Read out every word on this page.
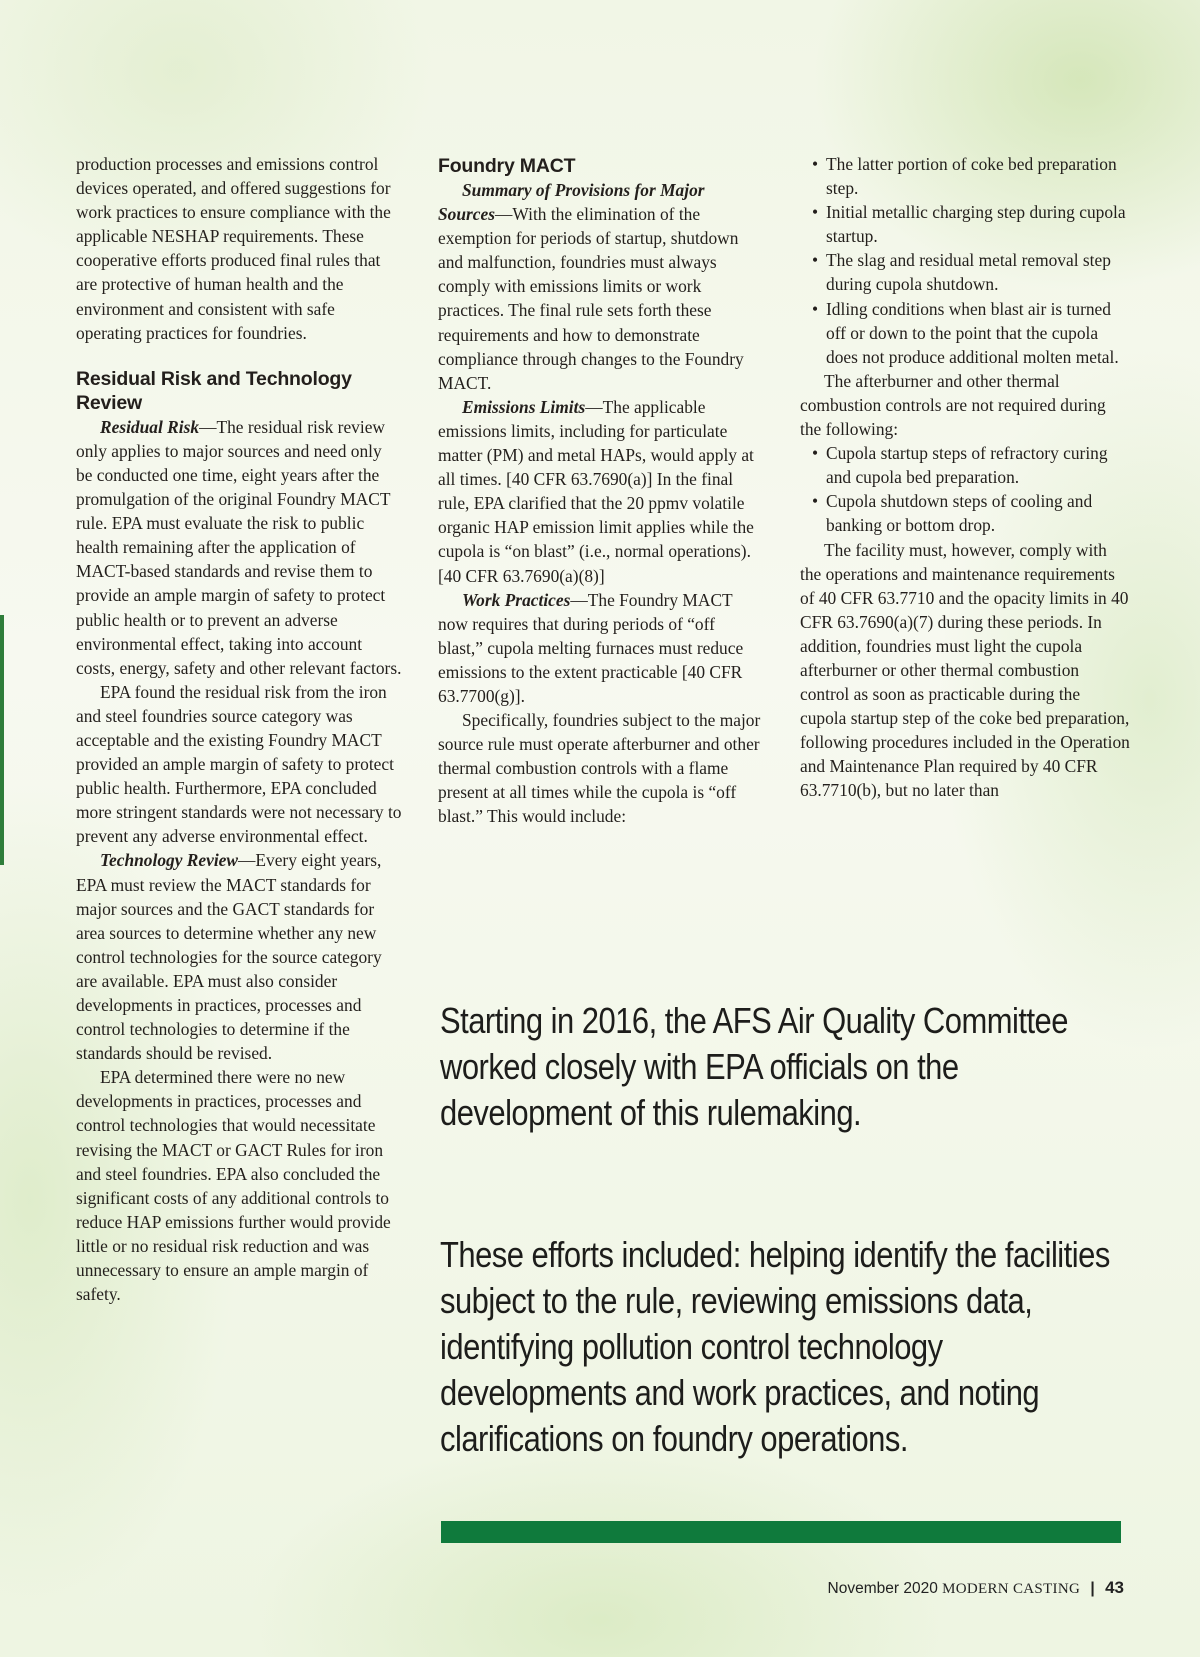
production processes and emissions control devices operated, and offered suggestions for work practices to ensure compliance with the applicable NESHAP requirements. These cooperative efforts produced final rules that are protective of human health and the environment and consistent with safe operating practices for foundries.

Residual Risk and Technology Review

Residual Risk—The residual risk review only applies to major sources and need only be conducted one time, eight years after the promulgation of the original Foundry MACT rule. EPA must evaluate the risk to public health remaining after the application of MACT-based standards and revise them to provide an ample margin of safety to protect public health or to prevent an adverse environmental effect, taking into account costs, energy, safety and other relevant factors.

EPA found the residual risk from the iron and steel foundries source category was acceptable and the existing Foundry MACT provided an ample margin of safety to protect public health. Furthermore, EPA concluded more stringent standards were not necessary to prevent any adverse environmental effect.

Technology Review—Every eight years, EPA must review the MACT standards for major sources and the GACT standards for area sources to determine whether any new control technologies for the source category are available. EPA must also consider developments in practices, processes and control technologies to determine if the standards should be revised.

EPA determined there were no new developments in practices, processes and control technologies that would necessitate revising the MACT or GACT Rules for iron and steel foundries. EPA also concluded the significant costs of any additional controls to reduce HAP emissions further would provide little or no residual risk reduction and was unnecessary to ensure an ample margin of safety.

Foundry MACT

Summary of Provisions for Major Sources—With the elimination of the exemption for periods of startup, shutdown and malfunction, foundries must always comply with emissions limits or work practices. The final rule sets forth these requirements and how to demonstrate compliance through changes to the Foundry MACT.

Emissions Limits—The applicable emissions limits, including for particulate matter (PM) and metal HAPs, would apply at all times. [40 CFR 63.7690(a)] In the final rule, EPA clarified that the 20 ppmv volatile organic HAP emission limit applies while the cupola is “on blast” (i.e., normal operations). [40 CFR 63.7690(a)(8)]

Work Practices—The Foundry MACT now requires that during periods of “off blast,” cupola melting furnaces must reduce emissions to the extent practicable [40 CFR 63.7700(g)].

Specifically, foundries subject to the major source rule must operate afterburner and other thermal combustion controls with a flame present at all times while the cupola is “off blast.” This would include:

• The latter portion of coke bed preparation step.
• Initial metallic charging step during cupola startup.
• The slag and residual metal removal step during cupola shutdown.
• Idling conditions when blast air is turned off or down to the point that the cupola does not produce additional molten metal.

The afterburner and other thermal combustion controls are not required during the following:

• Cupola startup steps of refractory curing and cupola bed preparation.
• Cupola shutdown steps of cooling and banking or bottom drop.

The facility must, however, comply with the operations and maintenance requirements of 40 CFR 63.7710 and the opacity limits in 40 CFR 63.7690(a)(7) during these periods. In addition, foundries must light the cupola afterburner or other thermal combustion control as soon as practicable during the cupola startup step of the coke bed preparation, following procedures included in the Operation and Maintenance Plan required by 40 CFR 63.7710(b), but no later than

Starting in 2016, the AFS Air Quality Committee worked closely with EPA officials on the development of this rulemaking.
These efforts included: helping identify the facilities subject to the rule, reviewing emissions data, identifying pollution control technology developments and work practices, and noting clarifications on foundry operations.
November 2020 MODERN CASTING | 43
